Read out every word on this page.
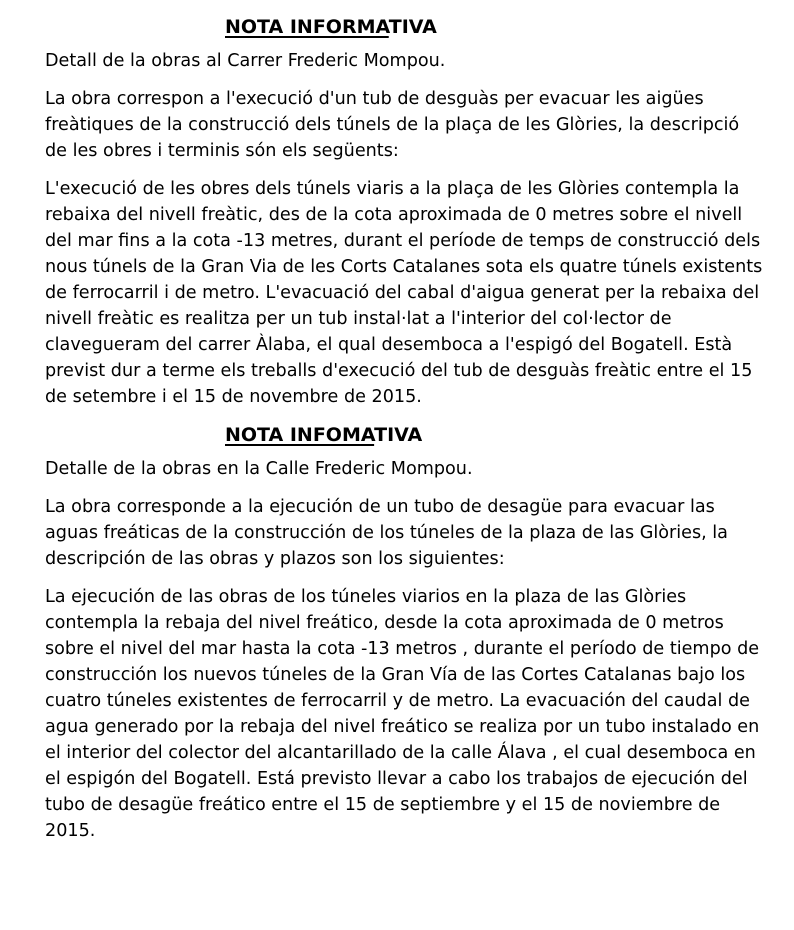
NOTA INFORMATIVA

Detall de la obras al Carrer Frederic Mompou.

La obra correspon a l'execució d'un tub de desguàs per evacuar les aigües freàtiques de la construcció dels túnels de la plaça de les Glòries, la descripció de les obres i terminis són els següents:

L'execució de les obres dels túnels viaris a la plaça de les Glòries contempla la rebaixa del nivell freàtic, des de la cota aproximada de 0 metres sobre el nivell del mar fins a la cota -13 metres, durant el període de temps de construcció dels nous túnels de la Gran Via de les Corts Catalanes sota els quatre túnels existents de ferrocarril i de metro. L'evacuació del cabal d'aigua generat per la rebaixa del nivell freàtic es realitza per un tub instal·lat a l'interior del col·lector de clavegueram del carrer Àlaba, el qual desemboca a l'espigó del Bogatell. Està previst dur a terme els treballs d'execució del tub de desguàs freàtic entre el 15 de setembre i el 15 de novembre de 2015.

NOTA INFOMATIVA

Detalle de la obras en la Calle Frederic Mompou.

La obra corresponde a la ejecución de un tubo de desagüe para evacuar las aguas freáticas de la construcción de los túneles de la plaza de las Glòries, la descripción de las obras y plazos son los siguientes:

La ejecución de las obras de los túneles viarios en la plaza de las Glòries contempla la rebaja del nivel freático, desde la cota aproximada de 0 metros sobre el nivel del mar hasta la cota -13 metros , durante el período de tiempo de construcción los nuevos túneles de la Gran Vía de las Cortes Catalanas bajo los cuatro túneles existentes de ferrocarril y de metro. La evacuación del caudal de agua generado por la rebaja del nivel freático se realiza por un tubo instalado en el interior del colector del alcantarillado de la calle Álava , el cual desemboca en el espigón del Bogatell. Está previsto llevar a cabo los trabajos de ejecución del tubo de desagüe freático entre el 15 de septiembre y el 15 de noviembre de 2015.
